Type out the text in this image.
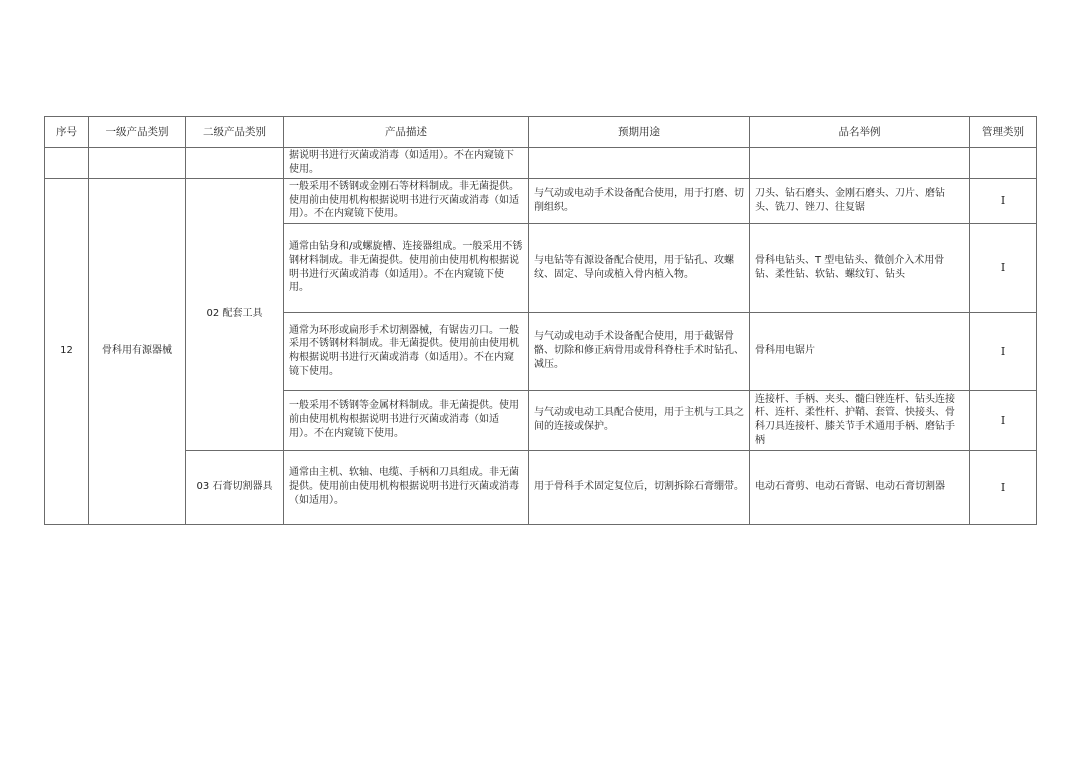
序号	一级产品类别	二级产品类别	产品描述	预期用途	品名举例	管理类别
			据说明书进行灭菌或消毒（如适用）。不在内窥镜下使用。			
12	骨科用有源器械	02 配套工具	一般采用不锈钢或金刚石等材料制成。非无菌提供。使用前由使用机构根据说明书进行灭菌或消毒（如适用）。不在内窥镜下使用。	与气动或电动手术设备配合使用，用于打磨、切削组织。	刀头、钻石磨头、金刚石磨头、刀片、磨钻头、铣刀、锉刀、往复锯	I
			通常由钻身和/或螺旋槽、连接器组成。一般采用不锈钢材料制成。非无菌提供。使用前由使用机构根据说明书进行灭菌或消毒（如适用）。不在内窥镜下使用。	与电钻等有源设备配合使用，用于钻孔、攻螺纹、固定、导向或植入骨内植入物。	骨科电钻头、T 型电钻头、微创介入术用骨钻、柔性钻、软钻、螺纹钉、钻头	I
			通常为环形或扁形手术切割器械，有锯齿刃口。一般采用不锈钢材料制成。非无菌提供。使用前由使用机构根据说明书进行灭菌或消毒（如适用）。不在内窥镜下使用。	与气动或电动手术设备配合使用，用于截锯骨骼、切除和修正病骨用或骨科脊柱手术时钻孔、减压。	骨科用电锯片	I
			一般采用不锈钢等金属材料制成。非无菌提供。使用前由使用机构根据说明书进行灭菌或消毒（如适用）。不在内窥镜下使用。	与气动或电动工具配合使用，用于主机与工具之间的连接或保护。	连接杆、手柄、夹头、髓臼锉连杆、钻头连接杆、连杆、柔性杆、护鞘、套管、快接头、骨科刀具连接杆、膝关节手术通用手柄、磨钻手柄	I
		03 石膏切割器具	通常由主机、软轴、电缆、手柄和刀具组成。非无菌提供。使用前由使用机构根据说明书进行灭菌或消毒（如适用）。	用于骨科手术固定复位后，切割拆除石膏绷带。	电动石膏剪、电动石膏锯、电动石膏切割器	I
